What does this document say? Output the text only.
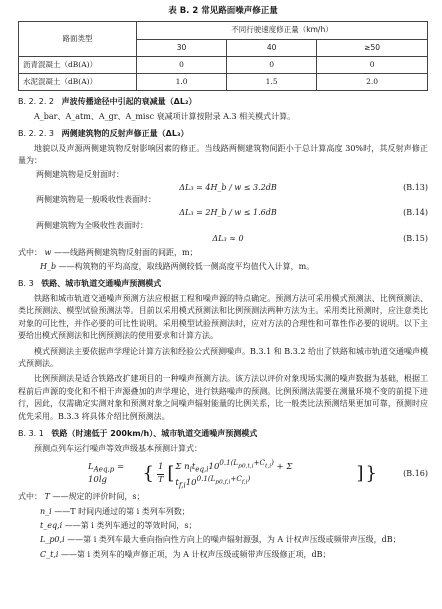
表 B. 2 常见路面噪声修正量
路面类型	不同行驶速度修正量（km/h）		
	30	40	≥50
沥青混凝土（dB(A)）	0	0	0
水泥混凝土（dB(A)）	1.0	1.5	2.0
B. 2. 2. 2 声波传播途径中引起的衰减量（ΔL₂）

A_bar、A_atm、A_gr、A_misc 衰减项计算按附录 A.3 相关模式计算。

B. 2. 2. 3 两侧建筑物的反射声修正量（ΔL₃）

地貌以及声源两侧建筑物反射影响因素的修正。当线路两侧建筑物间距小于总计算高度 30%时，其反射声修正量为：

两侧建筑物是反射面时：
ΔL₃ = 4H_b / w ≤ 3.2dB	(B.13)
两侧建筑物是一般吸收性表面时：
ΔL₃ = 2H_b / w ≤ 1.6dB	(B.14)
两侧建筑物为全吸收性表面时：
ΔL₃ ≈ 0	(B.15)
式中： w ——线路两侧建筑物反射面的间距，m；
H_b ——构筑物的平均高度，取线路两侧较低一侧高度平均值代入计算，m。
B. 3 铁路、城市轨道交通噪声预测模式

铁路和城市轨道交通噪声预测方法应根据工程和噪声源的特点确定。预测方法可采用模式预测法、比例预测法、类比预测法、模型试验预测法等。目前以采用模式预测法和比例预测法两种方法为主。采用类比预测时，应注意类比对象的可比性，并作必要的可比性说明。采用模型试验预测法时，应对方法的合理性和可靠性作必要的说明。以下主要给出模式预测法和比例预测法的使用要求和计算方法。

模式预测法主要依据声学理论计算方法和经验公式预测噪声。B.3.1 和 B.3.2 给出了铁路和城市轨道交通噪声模式预测法。

比例预测法是适合铁路改扩建项目的一种噪声预测方法。该方法以评价对象现场实测的噪声数据为基础，根据工程前后声源的变化和不相干声源叠加的声学理论，进行铁路噪声的预测。比例预测法需要在测量环境不变的前提下进行，因此，仅需确定实测对象和预测对象之间噪声辐射能量的比例关系，比一般类比法预测结果更加可靠，预测时应优先采用。B.3.3 将具体介绍比例预测法。

B. 3. 1 铁路（时速低于 200km/h）、城市轨道交通噪声预测模式

预测点列车运行噪声等效声级基本预测计算式：

$L_{Aeq,p} = 10\lg$	{ $\frac{1}{T}$ [ Σ $n_it_{eq,i}10^{0.1(L_{p0,t,i}+C_{t,i})} + \Sigma$ $t_{f,i}10^{0.1(L_{p0,f,i}+C_{f,i})}$	] }	(B.16)
式中： T ——规定的评价时间，s；
n_i ——T 时间内通过的第 i 类列车列数；
t_eq,i ——第 i 类列车通过的等效时间，s；
L_p0,i ——第 i 类列车最大垂向指向性方向上的噪声辐射源强，为 A 计权声压级或频带声压级，dB；
C_t,i ——第 i 类列车的噪声修正项，为 A 计权声压级或频带声压级修正项，dB；
